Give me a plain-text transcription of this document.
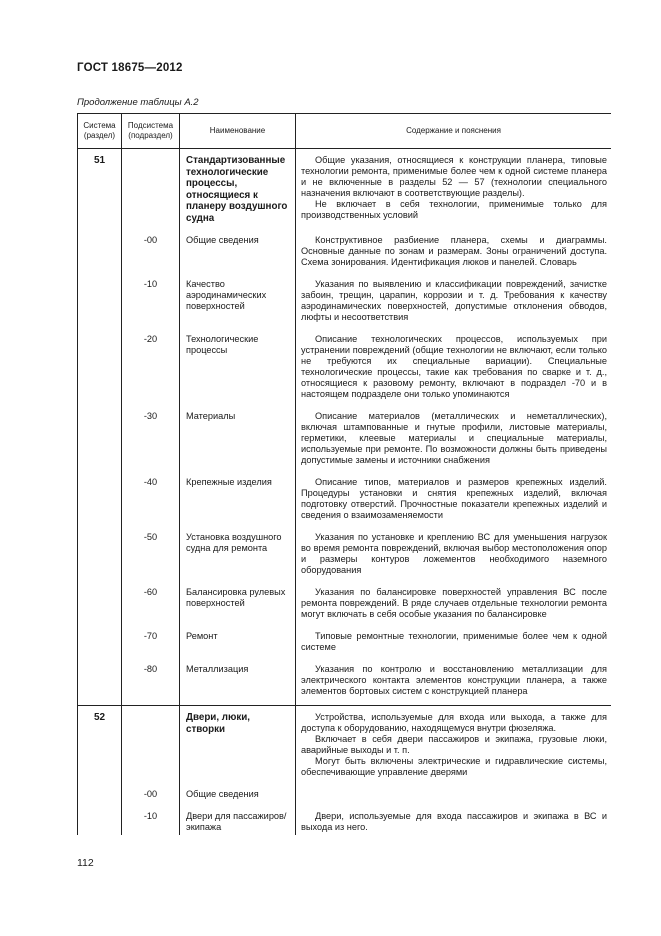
ГОСТ 18675—2012
Продолжение таблицы А.2
Система (раздел)	Подсистема (подраздел)	Наименование	Содержание и пояснения
51		Стандартизованные технологические процессы, относящиеся к планеру воздушного судна	Общие указания, относящиеся к конструкции планера, типовые технологии ремонта, применимые более чем к одной системе планера и не включенные в разделы 52 — 57 (технологии специального назначения включают в соответствующие разделы).

Не включает в себя технологии, применимые только для производственных условий

	-00	Общие сведения	Конструктивное разбиение планера, схемы и диаграммы. Основные данные по зонам и размерам. Зоны ограничений доступа. Схема зонирования. Идентификация люков и панелей. Словарь

	-10	Качество аэродинамических поверхностей	Указания по выявлению и классификации повреждений, зачистке забоин, трещин, царапин, коррозии и т. д. Требования к качеству аэродинамических поверхностей, допустимые отклонения обводов, люфты и несоответствия

	-20	Технологические процессы	Описание технологических процессов, используемых при устранении повреждений (общие технологии не включают, если только не требуются их специальные вариации). Специальные технологические процессы, такие как требования по сварке и т. д., относящиеся к разовому ремонту, включают в подраздел -70 и в настоящем подразделе они только упоминаются

	-30	Материалы	Описание материалов (металлических и неметаллических), включая штампованные и гнутые профили, листовые материалы, герметики, клеевые материалы и специальные материалы, используемые при ремонте. По возможности должны быть приведены допустимые замены и источники снабжения

	-40	Крепежные изделия	Описание типов, материалов и размеров крепежных изделий. Процедуры установки и снятия крепежных изделий, включая подготовку отверстий. Прочностные показатели крепежных изделий и сведения о взаимозаменяемости

	-50	Установка воздушного судна для ремонта	Указания по установке и креплению ВС для уменьшения нагрузок во время ремонта повреждений, включая выбор местоположения опор и размеры контуров ложементов необходимого наземного оборудования

	-60	Балансировка рулевых поверхностей	Указания по балансировке поверхностей управления ВС после ремонта повреждений. В ряде случаев отдельные технологии ремонта могут включать в себя особые указания по балансировке

	-70	Ремонт	Типовые ремонтные технологии, применимые более чем к одной системе

	-80	Металлизация	Указания по контролю и восстановлению металлизации для электрического контакта элементов конструкции планера, а также элементов бортовых систем с конструкцией планера

52		Двери, люки, створки	Устройства, используемые для входа или выхода, а также для доступа к оборудованию, находящемуся внутри фюзеляжа.

Включает в себя двери пассажиров и экипажа, грузовые люки, аварийные выходы и т. п.

Могут быть включены электрические и гидравлические системы, обеспечивающие управление дверями

	-00	Общие сведения	
	-10	Двери для пассажиров/экипажа	Двери, используемые для входа пассажиров и экипажа в ВС и выхода из него.

112
